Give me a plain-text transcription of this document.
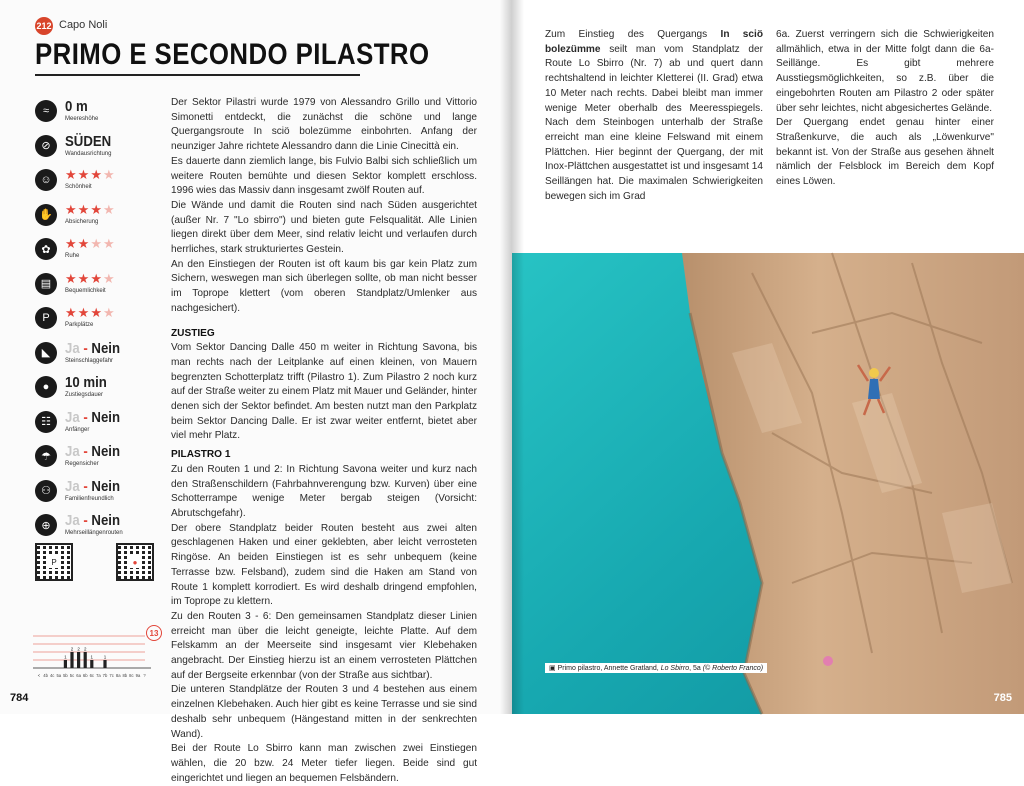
212 Capo Noli
PRIMO E SECONDO PILASTRO
≈	0 m
Meereshöhe
⊘ SÜDEN
Wandausrichtung
☺	★★★★
Schönheit
✋ ★★★★
Absicherung
✿	★★★★
Ruhe
▤	★★★★
Bequemlichkeit
P	★★★★
Parkplätze
◣ Ja - Nein
Steinschlaggefahr
●	10 min
Zustiegsdauer
☷ Ja - Nein
Anfänger
☂ Ja - Nein
Regensicher
⚇ Ja - Nein
Familienfreundlich
⊕ Ja - Nein
Mehrseillängenrouten
P	●
< 4b 4c 5a
1
5b
2
5c
2
6a
2
6b
1
6c 7a
1
7b 7c 8a 8b 8c 9a ?
13

Der Sektor Pilastri wurde 1979 von Alessandro Grillo und Vittorio Simonetti entdeckt, die zunächst die schöne und lange Quergangsroute In sciö bolezümme einbohrten. Anfang der neunziger Jahre richtete Alessandro dann die Linie Cinecittà ein.

Es dauerte dann ziemlich lange, bis Fulvio Balbi sich schließlich um weitere Routen bemühte und diesen Sektor komplett erschloss. 1996 wies das Massiv dann insgesamt zwölf Routen auf.

Die Wände und damit die Routen sind nach Süden ausgerichtet (außer Nr. 7 "Lo sbirro") und bieten gute Felsqualität. Alle Linien liegen direkt über dem Meer, sind relativ leicht und verlaufen durch herrliches, stark strukturiertes Gestein.

An den Einstiegen der Routen ist oft kaum bis gar kein Platz zum Sichern, weswegen man sich überlegen sollte, ob man nicht besser im Toprope klettert (vom oberen Standplatz/Umlenker aus nachgesichert).

ZUSTIEG

Vom Sektor Dancing Dalle 450 m weiter in Richtung Savona, bis man rechts nach der Leitplanke auf einen kleinen, von Mauern begrenzten Schotterplatz trifft (Pilastro 1). Zum Pilastro 2 noch kurz auf der Straße weiter zu einem Platz mit Mauer und Geländer, hinter denen sich der Sektor befindet. Am besten nutzt man den Parkplatz beim Sektor Dancing Dalle. Er ist zwar weiter entfernt, bietet aber viel mehr Platz.

PILASTRO 1

Zu den Routen 1 und 2: In Richtung Savona weiter und kurz nach den Straßenschildern (Fahrbahnverengung bzw. Kurven) über eine Schotterrampe wenige Meter bergab steigen (Vorsicht: Abrutschgefahr).

Der obere Standplatz beider Routen besteht aus zwei alten geschlagenen Haken und einer geklebten, aber leicht verrosteten Ringöse. An beiden Einstiegen ist es sehr unbequem (keine Terrasse bzw. Felsband), zudem sind die Haken am Stand von Route 1 komplett korrodiert. Es wird deshalb dringend empfohlen, im Toprope zu klettern.

Zu den Routen 3 - 6: Den gemeinsamen Standplatz dieser Linien erreicht man über die leicht geneigte, leichte Platte. Auf dem Felskamm an der Meerseite sind insgesamt vier Klebehaken angebracht. Der Einstieg hierzu ist an einem verrosteten Plättchen auf der Bergseite erkennbar (von der Straße aus sichtbar).

Die unteren Standplätze der Routen 3 und 4 bestehen aus einem einzelnen Klebehaken. Auch hier gibt es keine Terrasse und sie sind deshalb sehr unbequem (Hängestand mitten in der senkrechten Wand).

Bei der Route Lo Sbirro kann man zwischen zwei Einstiegen wählen, die 20 bzw. 24 Meter tiefer liegen. Beide sind gut eingerichtet und liegen an bequemen Felsbändern.

784

Zum Einstieg des Quergangs In sciö bolezümme seilt man vom Standplatz der Route Lo Sbirro (Nr. 7) ab und quert dann rechtshaltend in leichter Kletterei (II. Grad) etwa 10 Meter nach rechts. Dabei bleibt man immer wenige Meter oberhalb des Meeresspiegels. Nach dem Steinbogen unterhalb der Straße erreicht man eine kleine Felswand mit einem Plättchen. Hier beginnt der Quergang, der mit Inox-Plättchen ausgestattet ist und insgesamt 14 Seillängen hat. Die maximalen Schwierigkeiten bewegen sich im Grad

6a. Zuerst verringern sich die Schwierigkeiten allmählich, etwa in der Mitte folgt dann die 6a-Seillänge. Es gibt mehrere Ausstiegsmöglichkeiten, so z.B. über die eingebohrten Routen am Pilastro 2 oder später über sehr leichtes, nicht abgesichertes Gelände.

Der Quergang endet genau hinter einer Straßenkurve, die auch als „Löwenkurve" bekannt ist. Von der Straße aus gesehen ähnelt nämlich der Felsblock im Bereich dem Kopf eines Löwen.

▣ Primo pilastro, Annette Gratland, Lo Sbirro, 5a (© Roberto Franco)
785
